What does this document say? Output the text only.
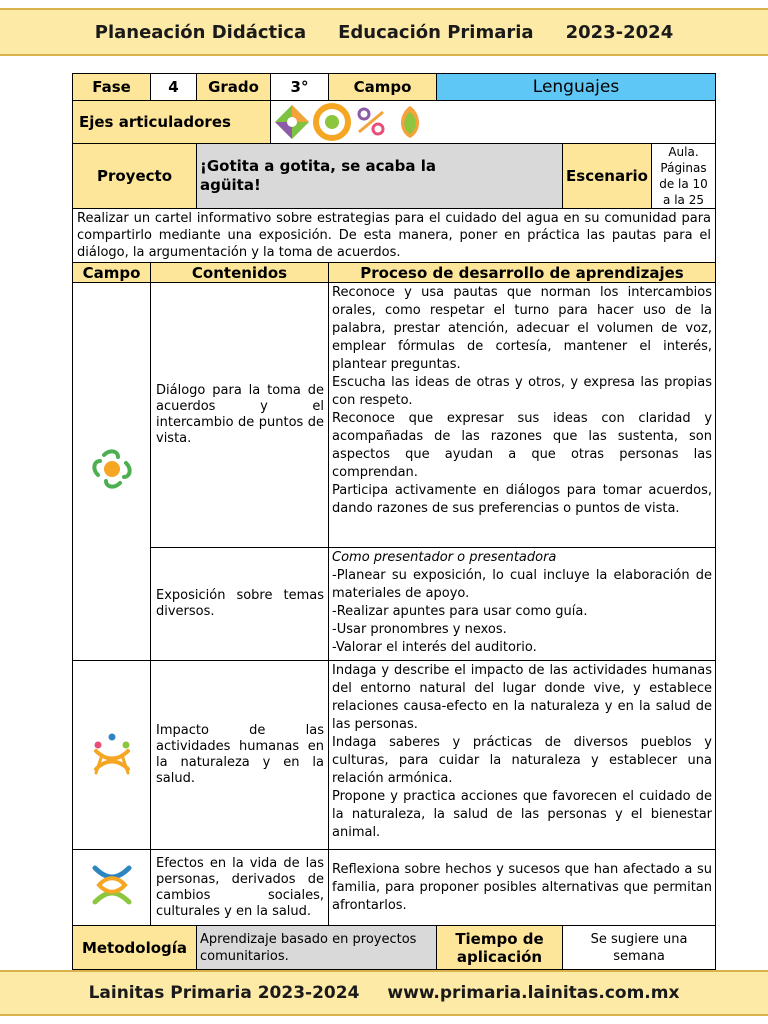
Planeación Didáctica Educación Primaria 2023-2024
Fase	4	Grado	3°	Campo	Lenguajes		
Ejes articuladores	

Proyecto		¡Gotita a gotita, se acaba la agüita!				Escenario	Aula. Páginas de la 10 a la 25
Realizar un cartel informativo sobre estrategias para el cuidado del agua en su comunidad para compartirlo mediante una exposición. De esta manera, poner en práctica las pautas para el diálogo, la argumentación y la toma de acuerdos.							
Campo	Contenidos			Proceso de desarrollo de aprendizajes			
	Diálogo para la toma de acuerdos y el intercambio de puntos de vista.			Reconoce y usa pautas que norman los intercambios orales, como respetar el turno para hacer uso de la palabra, prestar atención, adecuar el volumen de voz, emplear fórmulas de cortesía, mantener el interés, plantear preguntas.
Escucha las ideas de otras y otros, y expresa las propias con respeto.
Reconoce que expresar sus ideas con claridad y acompañadas de las razones que las sustenta, son aspectos que ayudan a que otras personas las comprendan.
Participa activamente en diálogos para tomar acuerdos, dando razones de sus preferencias o puntos de vista.			
	Exposición sobre temas diversos.			Como presentador o presentadora
-Planear su exposición, lo cual incluye la elaboración de materiales de apoyo.
-Realizar apuntes para usar como guía.
-Usar pronombres y nexos.
-Valorar el interés del auditorio.			

	Impacto de las actividades humanas en la naturaleza y en la salud.			Indaga y describe el impacto de las actividades humanas del entorno natural del lugar donde vive, y establece relaciones causa-efecto en la naturaleza y en la salud de las personas.
Indaga saberes y prácticas de diversos pueblos y culturas, para cuidar la naturaleza y establecer una relación armónica.
Propone y practica acciones que favorecen el cuidado de la naturaleza, la salud de las personas y el bienestar animal.			
	Efectos en la vida de las personas, derivados de cambios sociales, culturales y en la salud.			Reflexiona sobre hechos y sucesos que han afectado a su familia, para proponer posibles alternativas que permitan afrontarlos.			
Metodología		Aprendizaje basado en proyectos comunitarios.			Tiempo de aplicación	Se sugiere una semana	
Lainitas Primaria 2023-2024 www.primaria.lainitas.com.mx
